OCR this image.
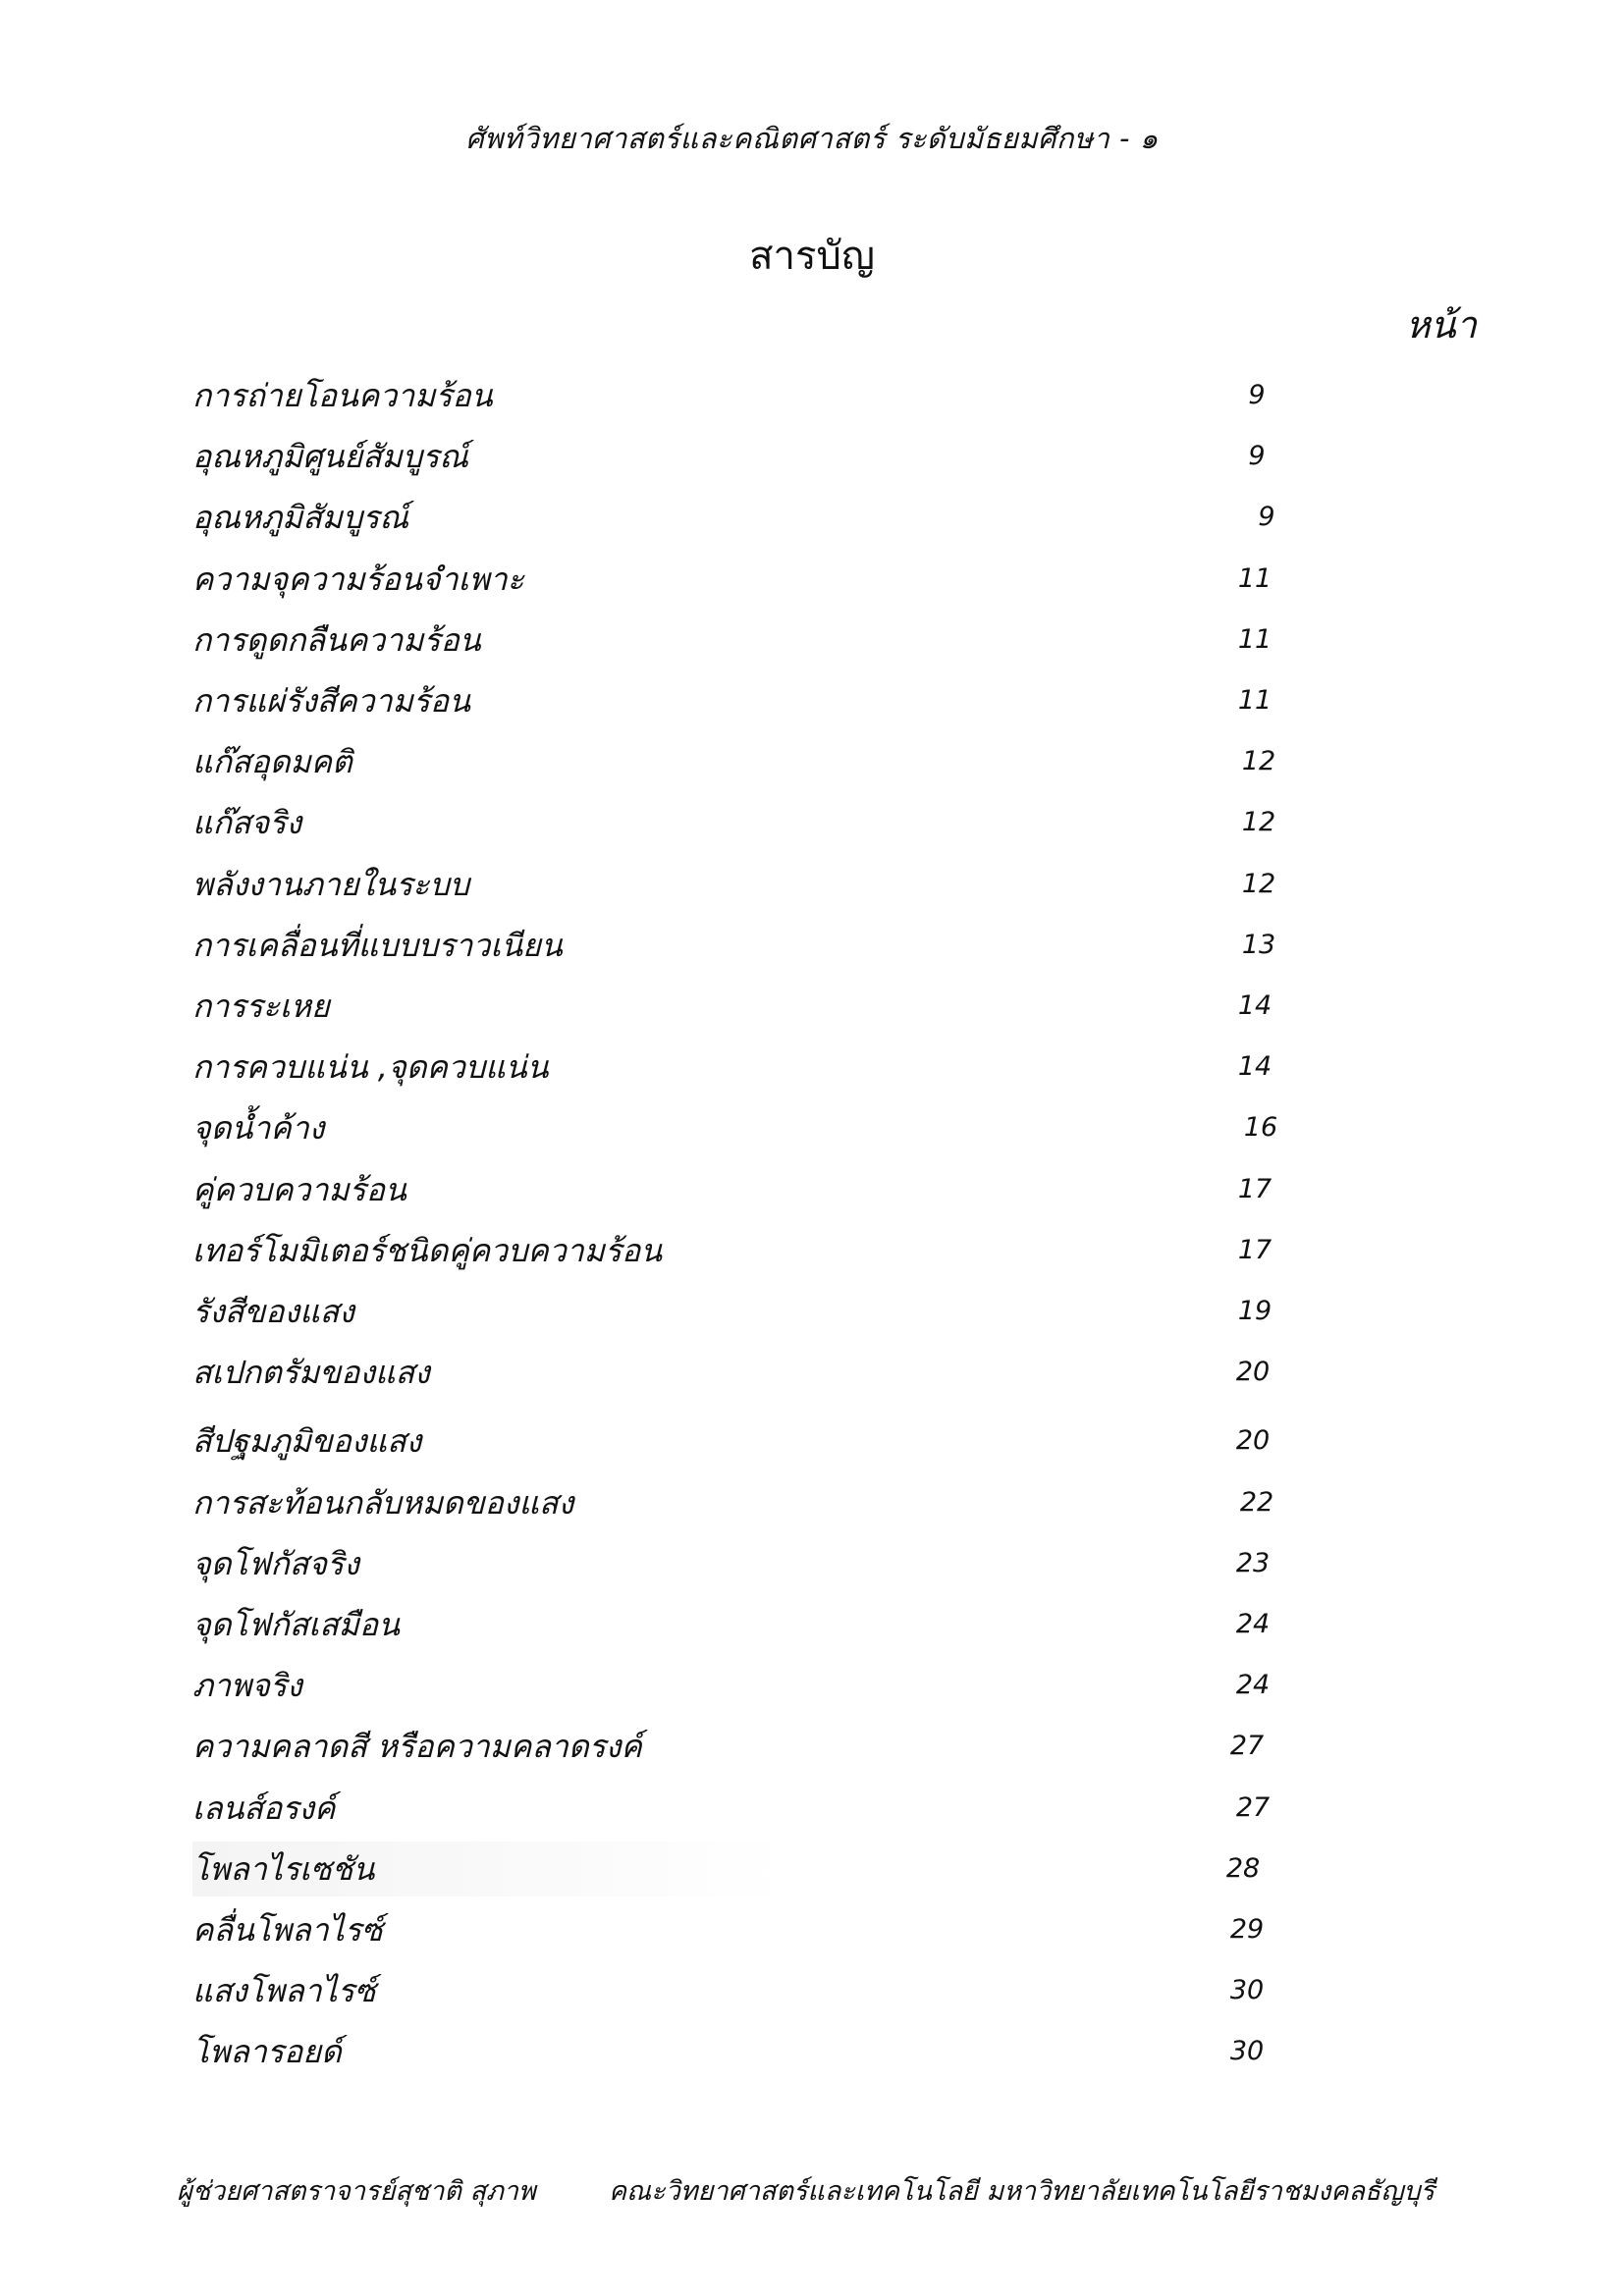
ศัพท์วิทยาศาสตร์และคณิตศาสตร์ ระดับมัธยมศึกษา - ๑
สารบัญ
หน้า
การถ่ายโอนความร้อน	9
อุณหภูมิศูนย์สัมบูรณ์	9
อุณหภูมิสัมบูรณ์	9
ความจุความร้อนจำเพาะ	11
การดูดกลืนความร้อน	11
การแผ่รังสีความร้อน	11
แก๊สอุดมคติ	12
แก๊สจริง	12
พลังงานภายในระบบ	12
การเคลื่อนที่แบบบราวเนียน	13
การระเหย	14
การควบแน่น ,จุดควบแน่น	14
จุดน้ำค้าง	16
คู่ควบความร้อน	17
เทอร์โมมิเตอร์ชนิดคู่ควบความร้อน	17
รังสีของแสง	19
สเปกตรัมของแสง	20
สีปฐมภูมิของแสง	20
การสะท้อนกลับหมดของแสง	22
จุดโฟกัสจริง	23
จุดโฟกัสเสมือน	24
ภาพจริง	24
ความคลาดสี หรือความคลาดรงค์	27
เลนส์อรงค์	27
โพลาไรเซชัน	28
คลื่นโพลาไรซ์	29
แสงโพลาไรซ์	30
โพลารอยด์	30
ผู้ช่วยศาสตราจารย์สุชาติ สุภาพ	คณะวิทยาศาสตร์และเทคโนโลยี มหาวิทยาลัยเทคโนโลยีราชมงคลธัญบุรี
